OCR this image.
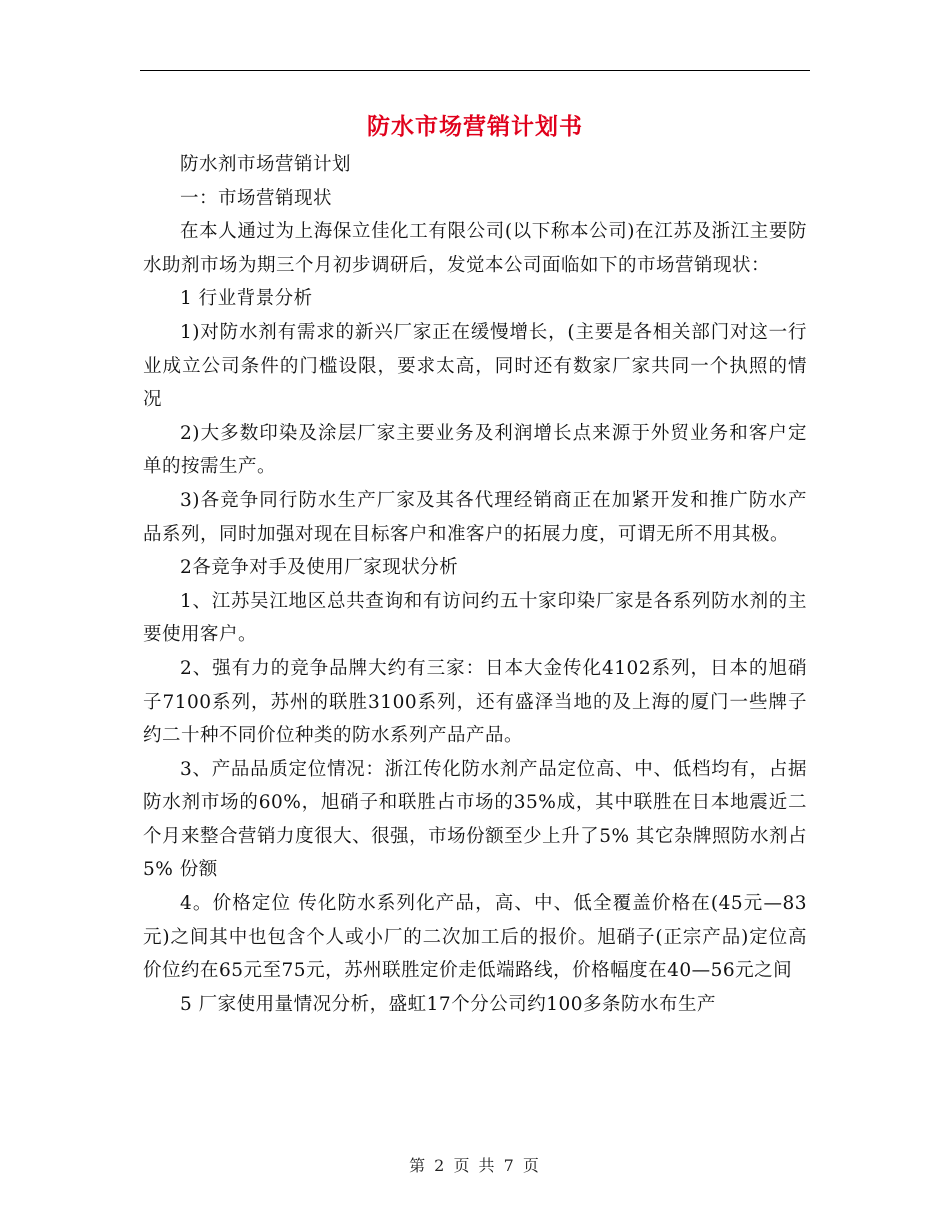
防水市场营销计划书

防水剂市场营销计划

一：市场营销现状

在本人通过为上海保立佳化工有限公司(以下称本公司)在江苏及浙江主要防水助剂市场为期三个月初步调研后，发觉本公司面临如下的市场营销现状：

1 行业背景分析

1)对防水剂有需求的新兴厂家正在缓慢增长，(主要是各相关部门对这一行业成立公司条件的门槛设限，要求太高，同时还有数家厂家共同一个执照的情况

2)大多数印染及涂层厂家主要业务及利润增长点来源于外贸业务和客户定单的按需生产。

3)各竞争同行防水生产厂家及其各代理经销商正在加紧开发和推广防水产品系列，同时加强对现在目标客户和准客户的拓展力度，可谓无所不用其极。

2各竞争对手及使用厂家现状分析

1、江苏吴江地区总共查询和有访问约五十家印染厂家是各系列防水剂的主要使用客户。

2、强有力的竞争品牌大约有三家：日本大金传化4102系列，日本的旭硝子7100系列，苏州的联胜3100系列，还有盛泽当地的及上海的厦门一些牌子约二十种不同价位种类的防水系列产品产品。

3、产品品质定位情况：浙江传化防水剂产品定位高、中、低档均有，占据防水剂市场的60%，旭硝子和联胜占市场的35%成，其中联胜在日本地震近二个月来整合营销力度很大、很强，市场份额至少上升了5% 其它杂牌照防水剂占 5% 份额

4。价格定位 传化防水系列化产品，高、中、低全覆盖价格在(45元—83元)之间其中也包含个人或小厂的二次加工后的报价。旭硝子(正宗产品)定位高价位约在65元至75元，苏州联胜定价走低端路线，价格幅度在40—56元之间

5 厂家使用量情况分析，盛虹17个分公司约100多条防水布生产

第 2 页 共 7 页
